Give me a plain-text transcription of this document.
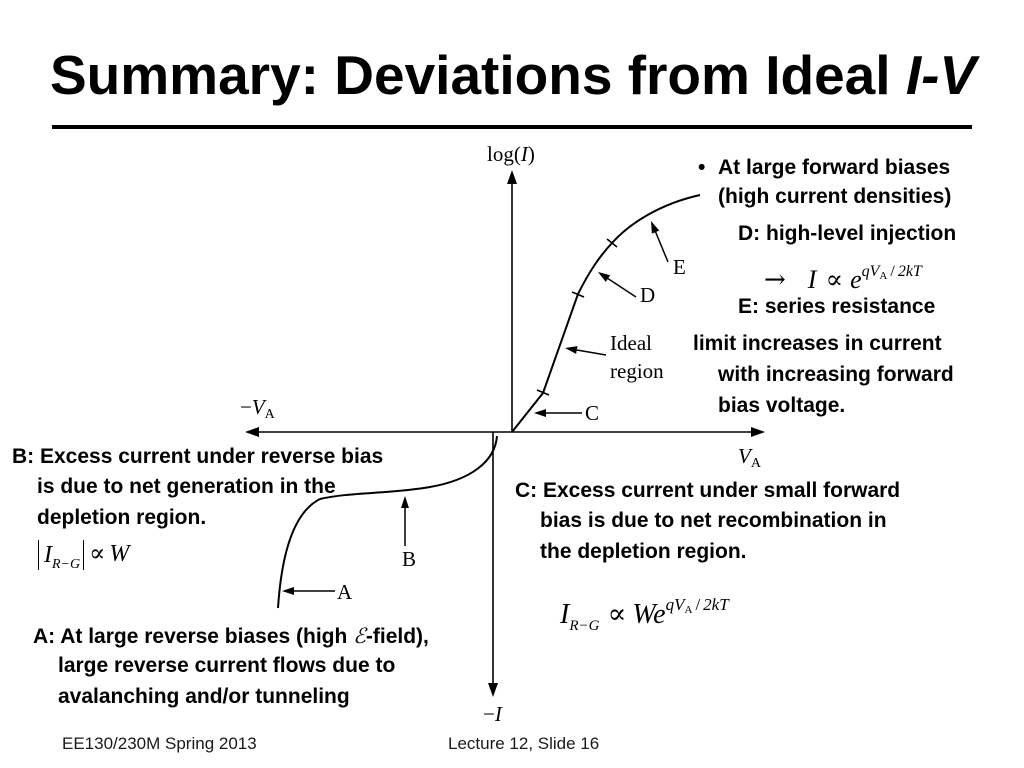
Summary: Deviations from Ideal I-V
log(I)
$-V_A$
$V_A$
−I
E
D
Ideal
region
C
B
A
• At large forward biases
(high current densities)
D: high-level injection
→ I ∝ eqVA / 2kT
E: series resistance
limit increases in current
with increasing forward
bias voltage.
B: Excess current under reverse bias
is due to net generation in the
depletion region.
$I_{R-G} \propto W$
C: Excess current under small forward
bias is due to net recombination in
the depletion region.
$I_{R-G}$ ∝ WeqVA / 2kT
A: At large reverse biases (high ℰ-field),
large reverse current flows due to
avalanching and/or tunneling
EE130/230M Spring 2013	Lecture 12, Slide 16
